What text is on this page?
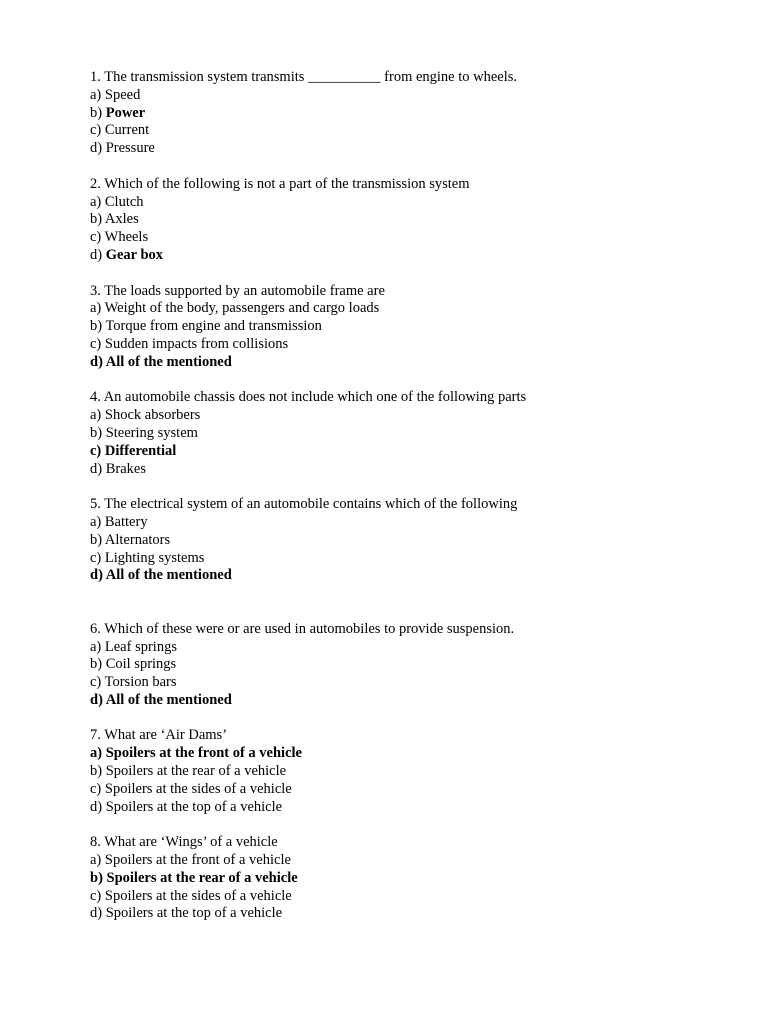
1. The transmission system transmits __________ from engine to wheels.
a) Speed
b) Power
c) Current
d) Pressure
2. Which of the following is not a part of the transmission system
a) Clutch
b) Axles
c) Wheels
d) Gear box
3. The loads supported by an automobile frame are
a) Weight of the body, passengers and cargo loads
b) Torque from engine and transmission
c) Sudden impacts from collisions
d) All of the mentioned
4. An automobile chassis does not include which one of the following parts
a) Shock absorbers
b) Steering system
c) Differential
d) Brakes
5. The electrical system of an automobile contains which of the following
a) Battery
b) Alternators
c) Lighting systems
d) All of the mentioned
6. Which of these were or are used in automobiles to provide suspension.
a) Leaf springs
b) Coil springs
c) Torsion bars
d) All of the mentioned
7. What are ‘Air Dams’
a) Spoilers at the front of a vehicle
b) Spoilers at the rear of a vehicle
c) Spoilers at the sides of a vehicle
d) Spoilers at the top of a vehicle
8. What are ‘Wings’ of a vehicle
a) Spoilers at the front of a vehicle
b) Spoilers at the rear of a vehicle
c) Spoilers at the sides of a vehicle
d) Spoilers at the top of a vehicle
